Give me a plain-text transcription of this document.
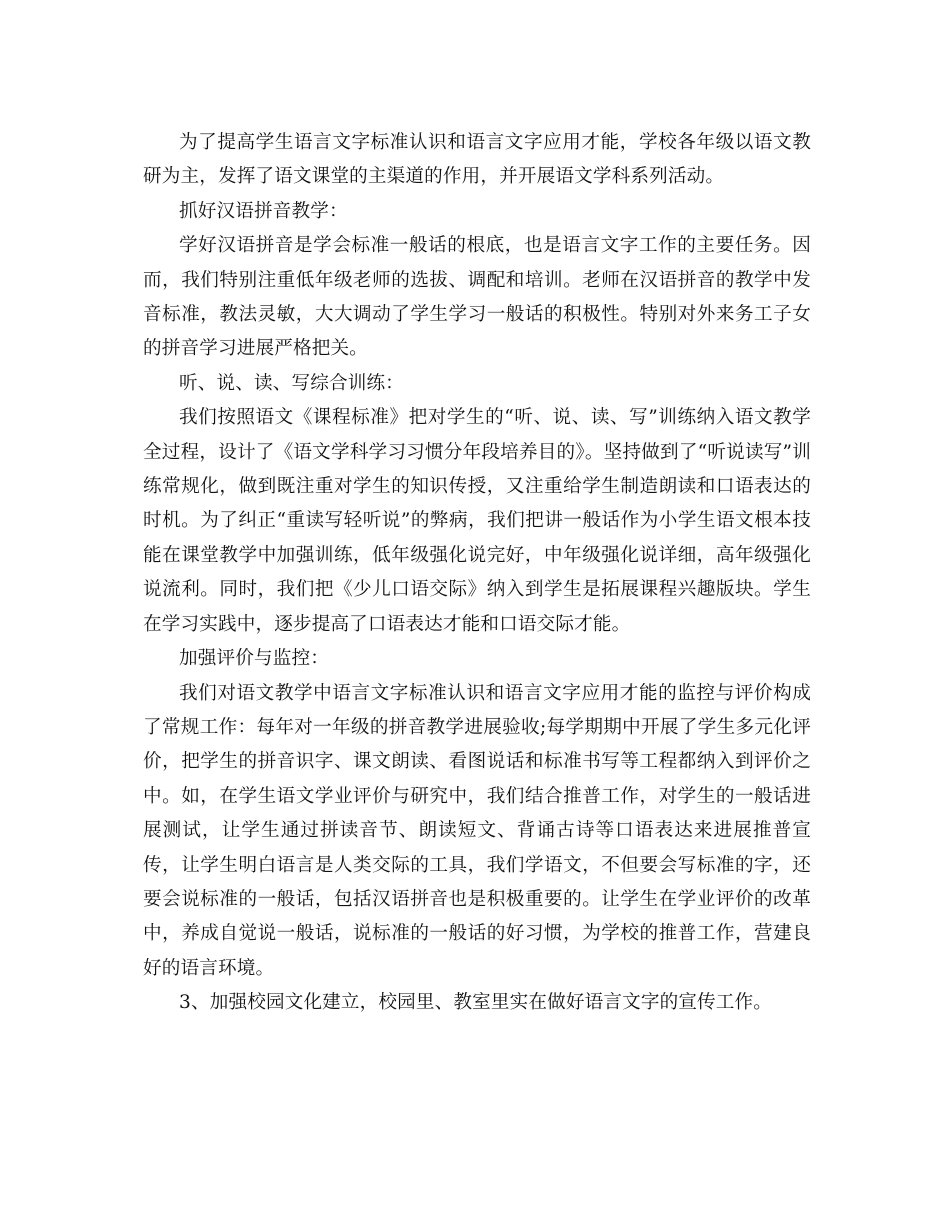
为了提高学生语言文字标准认识和语言文字应用才能，学校各年级以语文教研为主，发挥了语文课堂的主渠道的作用，并开展语文学科系列活动。

抓好汉语拼音教学：

学好汉语拼音是学会标准一般话的根底，也是语言文字工作的主要任务。因而，我们特别注重低年级老师的选拔、调配和培训。老师在汉语拼音的教学中发音标准，教法灵敏，大大调动了学生学习一般话的积极性。特别对外来务工子女的拼音学习进展严格把关。

听、说、读、写综合训练：

我们按照语文《课程标准》把对学生的“听、说、读、写”训练纳入语文教学全过程，设计了《语文学科学习习惯分年段培养目的》。坚持做到了“听说读写”训练常规化，做到既注重对学生的知识传授，又注重给学生制造朗读和口语表达的时机。为了纠正“重读写轻听说”的弊病，我们把讲一般话作为小学生语文根本技能在课堂教学中加强训练，低年级强化说完好，中年级强化说详细，高年级强化说流利。同时，我们把《少儿口语交际》纳入到学生是拓展课程兴趣版块。学生在学习实践中，逐步提高了口语表达才能和口语交际才能。

加强评价与监控：

我们对语文教学中语言文字标准认识和语言文字应用才能的监控与评价构成了常规工作：每年对一年级的拼音教学进展验收;每学期期中开展了学生多元化评价，把学生的拼音识字、课文朗读、看图说话和标准书写等工程都纳入到评价之中。如，在学生语文学业评价与研究中，我们结合推普工作，对学生的一般话进展测试，让学生通过拼读音节、朗读短文、背诵古诗等口语表达来进展推普宣传，让学生明白语言是人类交际的工具，我们学语文，不但要会写标准的字，还要会说标准的一般话，包括汉语拼音也是积极重要的。让学生在学业评价的改革中，养成自觉说一般话，说标准的一般话的好习惯，为学校的推普工作，营建良好的语言环境。

3、加强校园文化建立，校园里、教室里实在做好语言文字的宣传工作。
